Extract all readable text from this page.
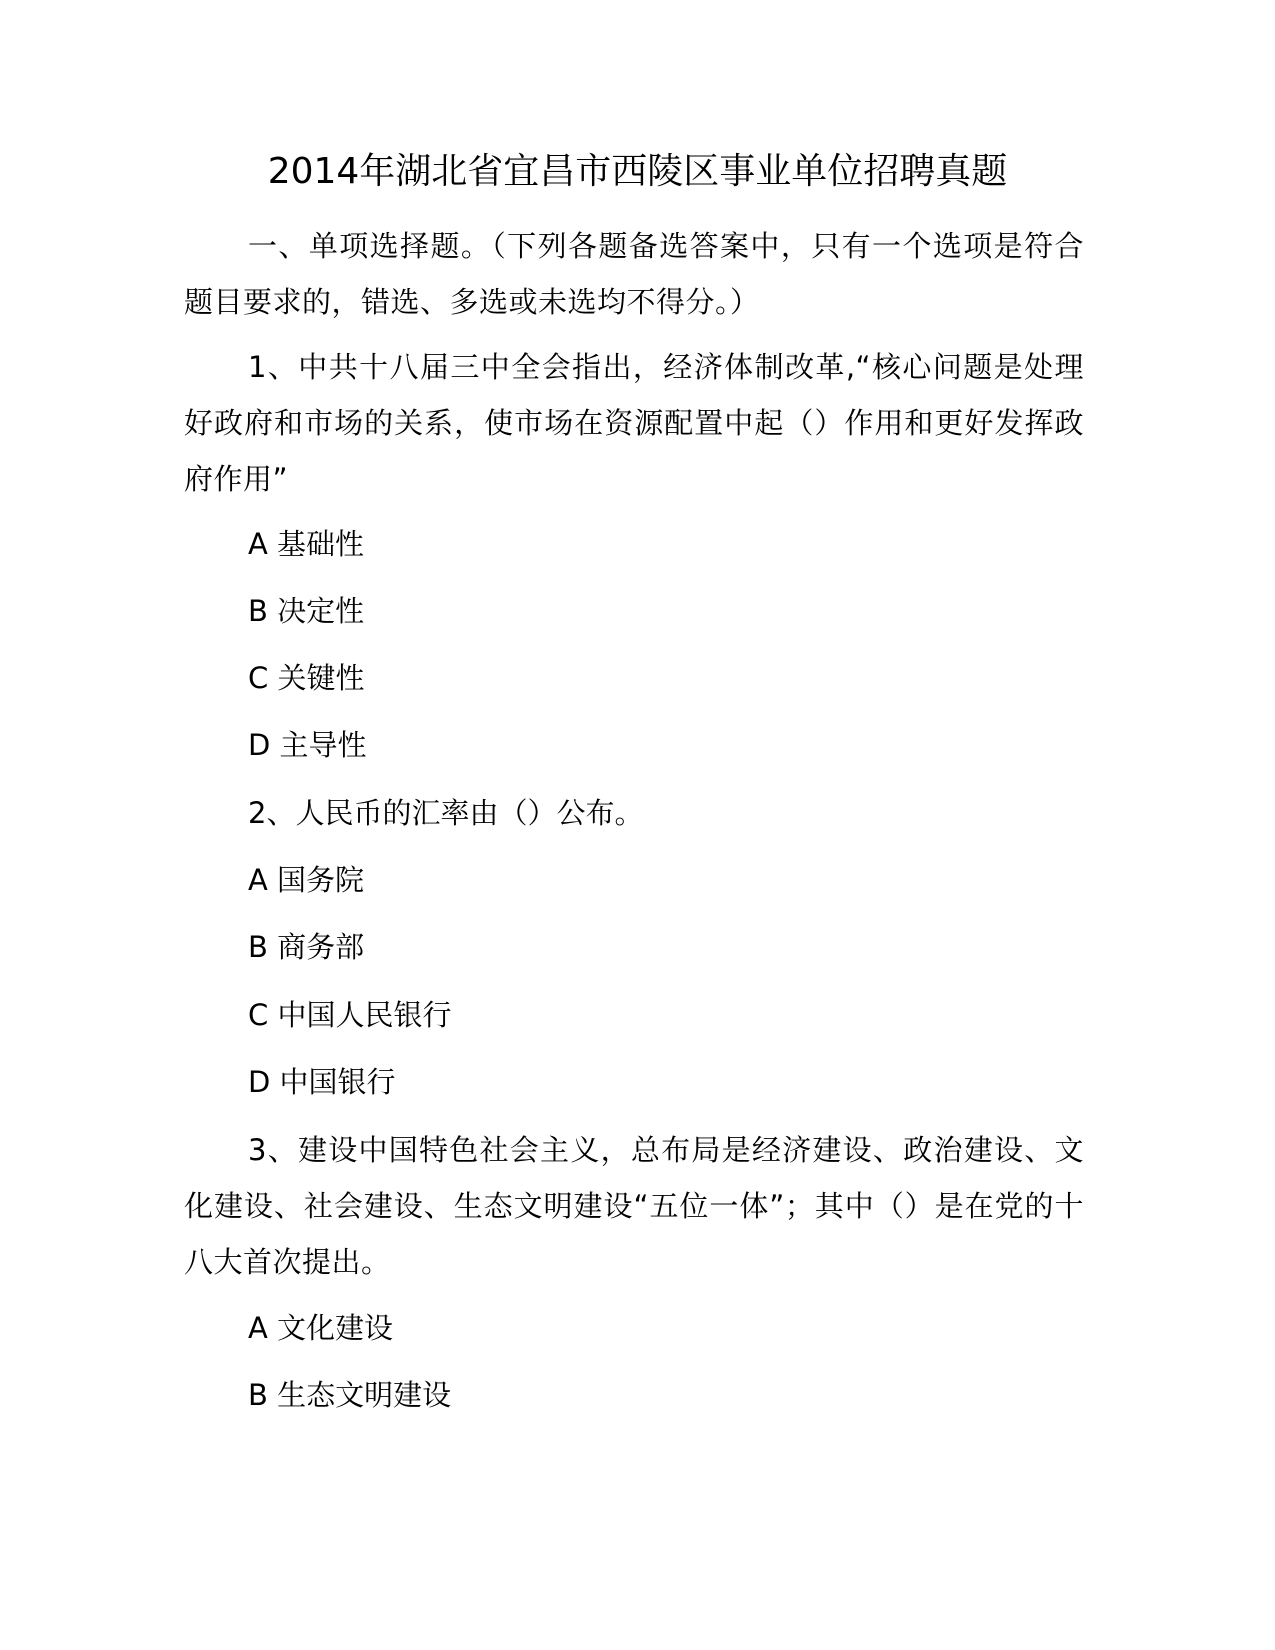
2014年湖北省宜昌市西陵区事业单位招聘真题
一、单项选择题。（下列各题备选答案中，只有一个选项是符合题目要求的，错选、多选或未选均不得分。）
1、中共十八届三中全会指出，经济体制改革,“核心问题是处理好政府和市场的关系，使市场在资源配置中起（）作用和更好发挥政府作用”
A 基础性
B 决定性
C 关键性
D 主导性
2、人民币的汇率由（）公布。
A 国务院
B 商务部
C 中国人民银行
D 中国银行
3、建设中国特色社会主义，总布局是经济建设、政治建设、文化建设、社会建设、生态文明建设“五位一体”；其中（）是在党的十八大首次提出。
A 文化建设
B 生态文明建设
